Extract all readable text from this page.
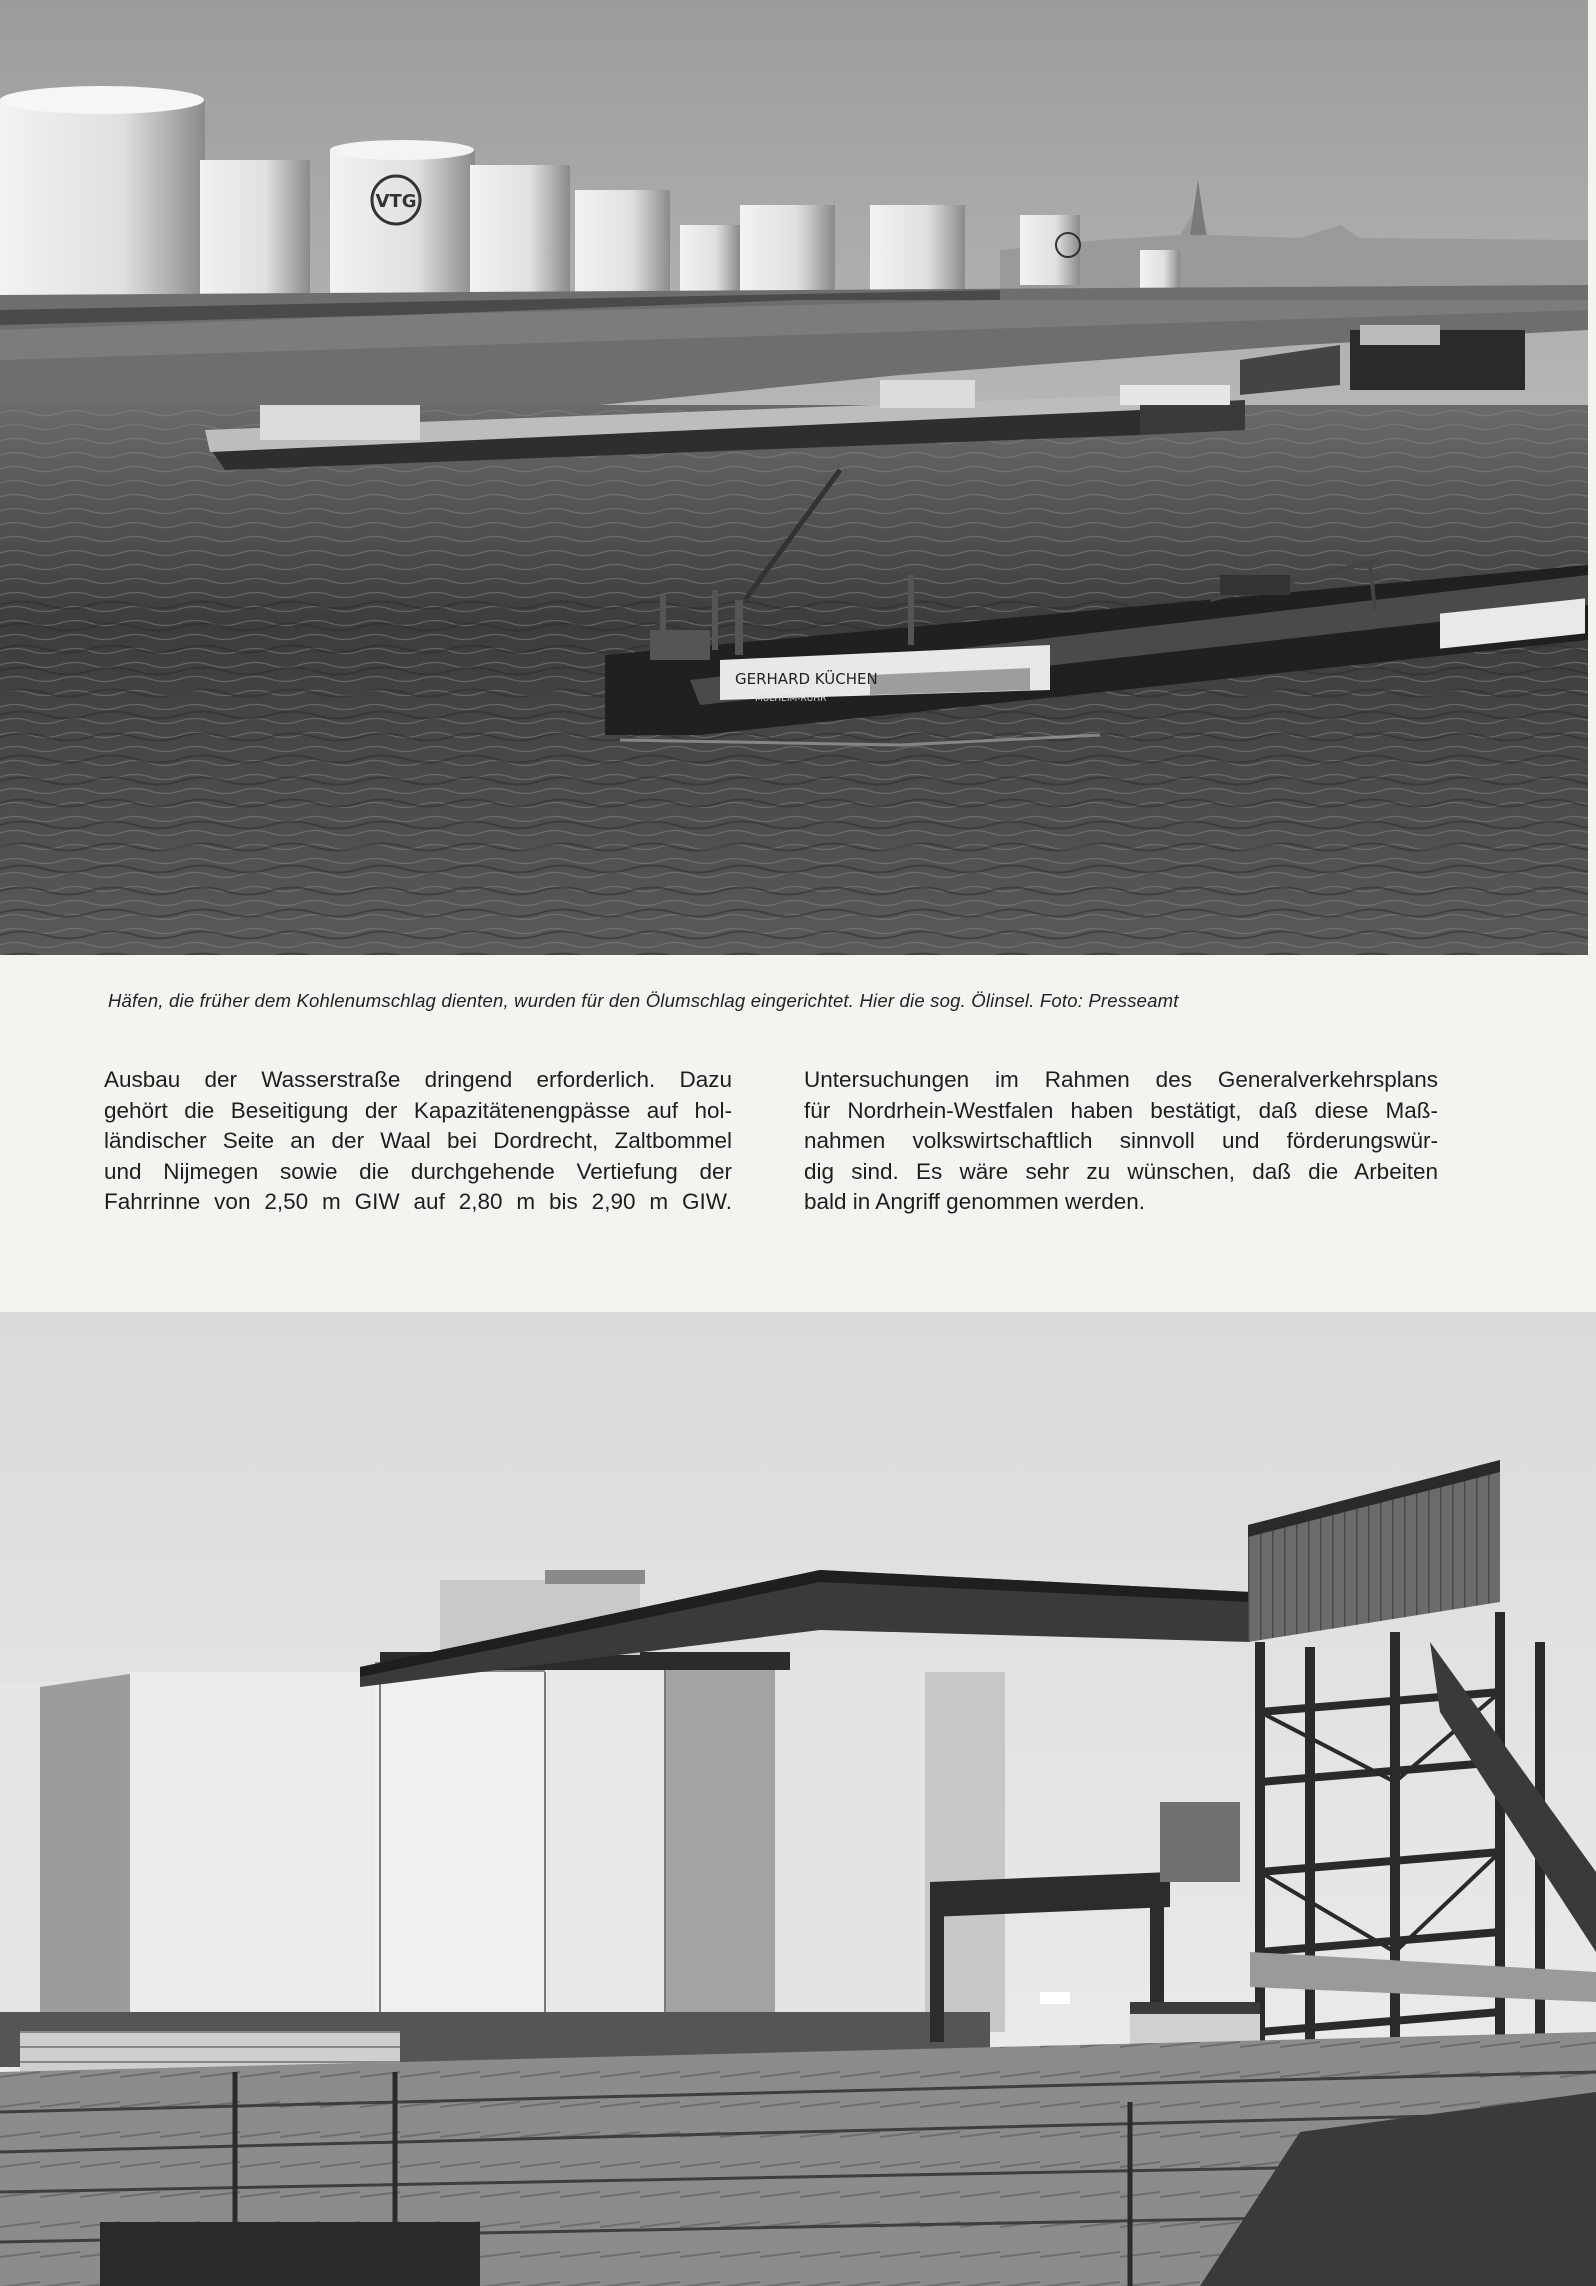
VTG
GERHARD KÜCHEN
MÜLHEIM-RUHR
Häfen, die früher dem Kohlenumschlag dienten, wurden für den Ölumschlag eingerichtet. Hier die sog. Ölinsel. Foto: Presseamt
Ausbau der Wasserstraße dringend erforderlich. Dazu
gehört die Beseitigung der Kapazitätenengpässe auf hol-
ländischer Seite an der Waal bei Dordrecht, Zaltbommel
und Nijmegen sowie die durchgehende Vertiefung der
Fahrrinne von 2,50 m GIW auf 2,80 m bis 2,90 m GIW.
Untersuchungen im Rahmen des Generalverkehrsplans
für Nordrhein-Westfalen haben bestätigt, daß diese Maß-
nahmen volkswirtschaftlich sinnvoll und förderungswür-
dig sind. Es wäre sehr zu wünschen, daß die Arbeiten
bald in Angriff genommen werden.
